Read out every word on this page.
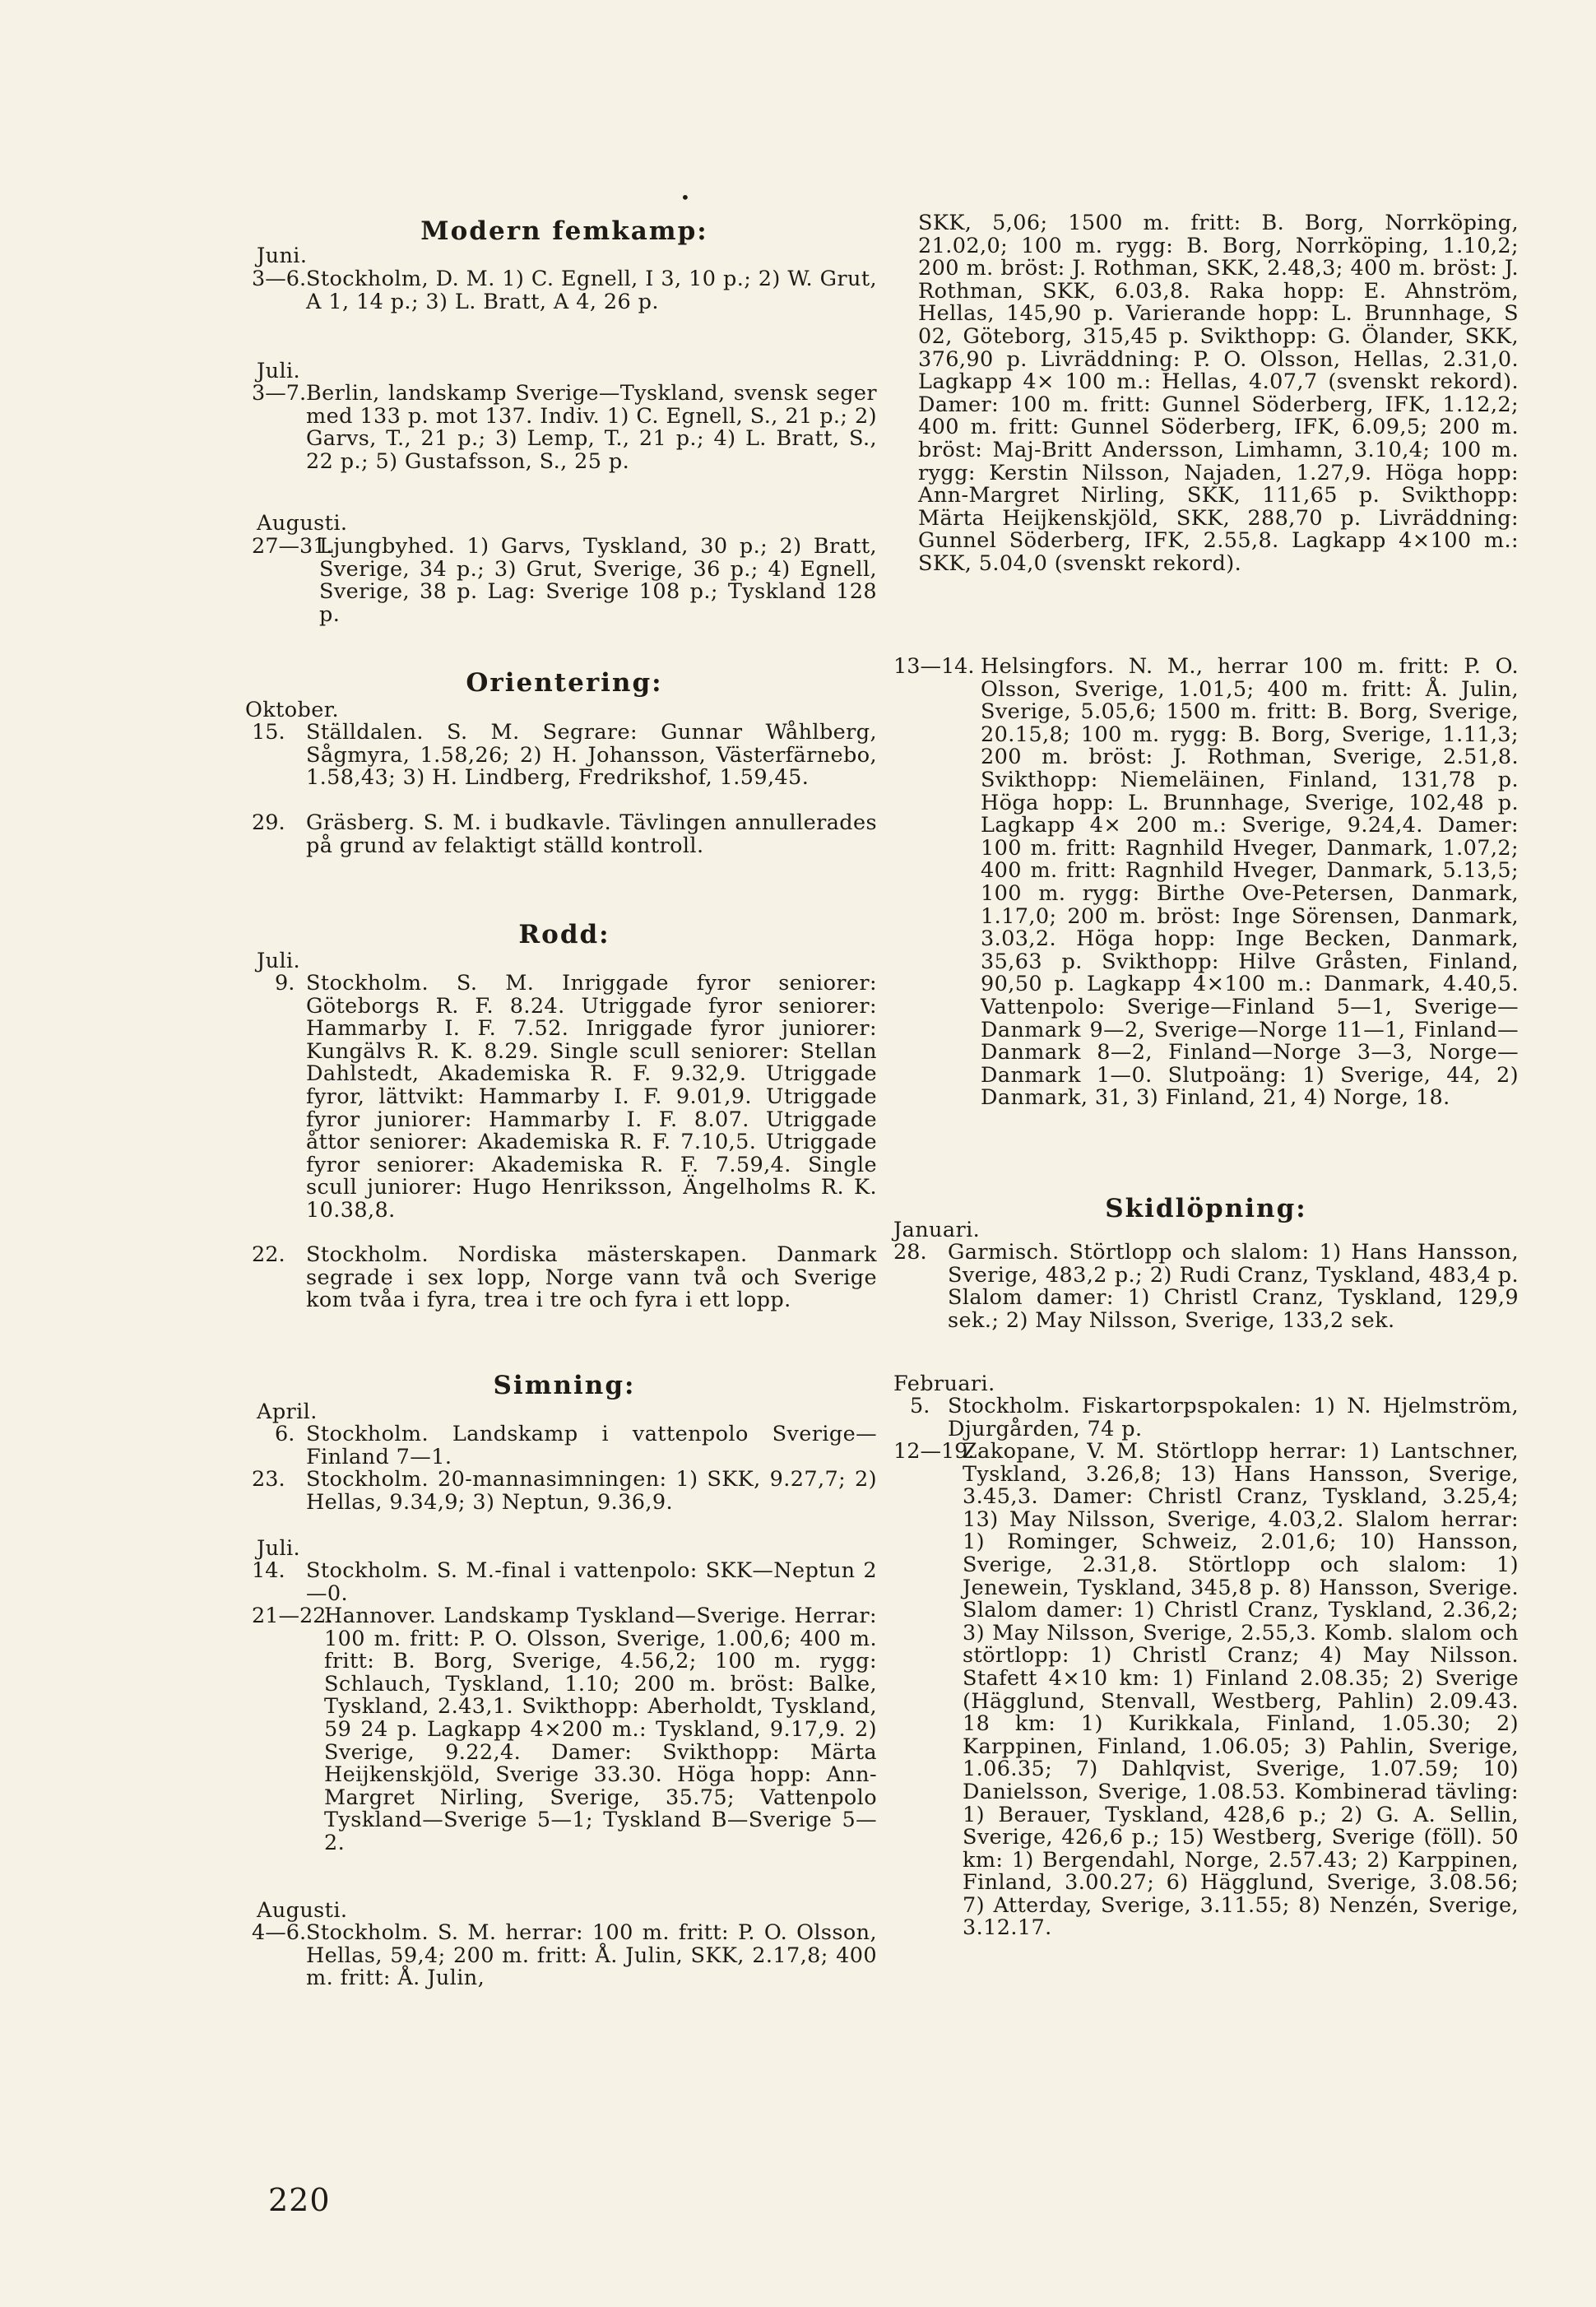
•
Modern femkamp:
Juni.
3—6. Stockholm, D. M. 1) C. Egnell, I 3, 10 p.; 2) W. Grut, A 1, 14 p.; 3) L. Bratt, A 4, 26 p.

Juli.
3—7. Berlin, landskamp Sverige—Tyskland, svensk seger med 133 p. mot 137. Indiv. 1) C. Egnell, S., 21 p.; 2) Garvs, T., 21 p.; 3) Lemp, T., 21 p.; 4) L. Bratt, S., 22 p.; 5) Gustafsson, S., 25 p.

Augusti.
27—31.

Ljungbyhed. 1) Garvs, Tyskland, 30 p.; 2) Bratt, Sverige, 34 p.; 3) Grut, Sverige, 36 p.; 4) Egnell, Sverige, 38 p. Lag: Sverige 108 p.; Tyskland 128 p.

Orientering:
Oktober.
15. Ställdalen. S. M. Segrare: Gunnar Wåhlberg, Sågmyra, 1.58,26; 2) H. Johansson, Västerfärnebo, 1.58,43; 3) H. Lindberg, Fredrikshof, 1.59,45.

29. Gräsberg. S. M. i budkavle. Tävlingen annullerades på grund av felaktigt ställd kontroll.

Rodd:
Juli.
9. Stockholm. S. M. Inriggade fyror seniorer: Göteborgs R. F. 8.24. Utriggade fyror seniorer: Hammarby I. F. 7.52. Inriggade fyror juniorer: Kungälvs R. K. 8.29. Single scull seniorer: Stellan Dahlstedt, Akademiska R. F. 9.32,9. Utriggade fyror, lättvikt: Hammarby I. F. 9.01,9. Utriggade fyror juniorer: Hammarby I. F. 8.07. Utriggade åttor seniorer: Akademiska R. F. 7.10,5. Utriggade fyror seniorer: Akademiska R. F. 7.59,4. Single scull juniorer: Hugo Henriksson, Ängelholms R. K. 10.38,8.

22. Stockholm. Nordiska mästerskapen. Danmark segrade i sex lopp, Norge vann två och Sverige kom tvåa i fyra, trea i tre och fyra i ett lopp.

Simning:
April.
6. Stockholm. Landskamp i vattenpolo Sverige—Finland 7—1.

23. Stockholm. 20-mannasimningen: 1) SKK, 9.27,7; 2) Hellas, 9.34,9; 3) Neptun, 9.36,9.

Juli.
14. Stockholm. S. M.-final i vattenpolo: SKK—Neptun 2—0.

21—22.

Hannover. Landskamp Tyskland—Sverige. Herrar: 100 m. fritt: P. O. Olsson, Sverige, 1.00,6; 400 m. fritt: B. Borg, Sverige, 4.56,2; 100 m. rygg: Schlauch, Tyskland, 1.10; 200 m. bröst: Balke, Tyskland, 2.43,1. Svikthopp: Aberholdt, Tyskland, 59 24 p. Lagkapp 4×200 m.: Tyskland, 9.17,9. 2) Sverige, 9.22,4. Damer: Svikthopp: Märta Heijkenskjöld, Sverige 33.30. Höga hopp: Ann-Margret Nirling, Sverige, 35.75; Vattenpolo Tyskland—Sverige 5—1; Tyskland B—Sverige 5—2.

Augusti.
4—6. Stockholm. S. M. herrar: 100 m. fritt: P. O. Olsson, Hellas, 59,4; 200 m. fritt: Å. Julin, SKK, 2.17,8; 400 m. fritt: Å. Julin,

SKK, 5,06; 1500 m. fritt: B. Borg, Norrköping, 21.02,0; 100 m. rygg: B. Borg, Norrköping, 1.10,2; 200 m. bröst: J. Rothman, SKK, 2.48,3; 400 m. bröst: J. Rothman, SKK, 6.03,8. Raka hopp: E. Ahnström, Hellas, 145,90 p. Varierande hopp: L. Brunnhage, S 02, Göteborg, 315,45 p. Svikthopp: G. Ölander, SKK, 376,90 p. Livräddning: P. O. Olsson, Hellas, 2.31,0. Lagkapp 4× 100 m.: Hellas, 4.07,7 (svenskt rekord). Damer: 100 m. fritt: Gunnel Söderberg, IFK, 1.12,2; 400 m. fritt: Gunnel Söderberg, IFK, 6.09,5; 200 m. bröst: Maj-Britt Andersson, Limhamn, 3.10,4; 100 m. rygg: Kerstin Nilsson, Najaden, 1.27,9. Höga hopp: Ann-Margret Nirling, SKK, 111,65 p. Svikthopp: Märta Heijkenskjöld, SKK, 288,70 p. Livräddning: Gunnel Söderberg, IFK, 2.55,8. Lagkapp 4×100 m.: SKK, 5.04,0 (svenskt rekord).

13—14. Helsingfors. N. M., herrar 100 m. fritt: P. O. Olsson, Sverige, 1.01,5; 400 m. fritt: Å. Julin, Sverige, 5.05,6; 1500 m. fritt: B. Borg, Sverige, 20.15,8; 100 m. rygg: B. Borg, Sverige, 1.11,3; 200 m. bröst: J. Rothman, Sverige, 2.51,8. Svikthopp: Niemeläinen, Finland, 131,78 p. Höga hopp: L. Brunnhage, Sverige, 102,48 p. Lagkapp 4× 200 m.: Sverige, 9.24,4. Damer: 100 m. fritt: Ragnhild Hveger, Danmark, 1.07,2; 400 m. fritt: Ragnhild Hveger, Danmark, 5.13,5; 100 m. rygg: Birthe Ove-Petersen, Danmark, 1.17,0; 200 m. bröst: Inge Sörensen, Danmark, 3.03,2. Höga hopp: Inge Becken, Danmark, 35,63 p. Svikthopp: Hilve Gråsten, Finland, 90,50 p. Lagkapp 4×100 m.: Danmark, 4.40,5. Vattenpolo: Sverige—Finland 5—1, Sverige—Danmark 9—2, Sverige—Norge 11—1, Finland—Danmark 8—2, Finland—Norge 3—3, Norge—Danmark 1—0. Slutpoäng: 1) Sverige, 44, 2) Danmark, 31, 3) Finland, 21, 4) Norge, 18.

Skidlöpning:
Januari.
28. Garmisch. Störtlopp och slalom: 1) Hans Hansson, Sverige, 483,2 p.; 2) Rudi Cranz, Tyskland, 483,4 p. Slalom damer: 1) Christl Cranz, Tyskland, 129,9 sek.; 2) May Nilsson, Sverige, 133,2 sek.

Februari.
5. Stockholm. Fiskartorpspokalen: 1) N. Hjelmström, Djurgården, 74 p.

12—19.

Zakopane, V. M. Störtlopp herrar: 1) Lantschner, Tyskland, 3.26,8; 13) Hans Hansson, Sverige, 3.45,3. Damer: Christl Cranz, Tyskland, 3.25,4; 13) May Nilsson, Sverige, 4.03,2. Slalom herrar: 1) Rominger, Schweiz, 2.01,6; 10) Hansson, Sverige, 2.31,8. Störtlopp och slalom: 1) Jenewein, Tyskland, 345,8 p. 8) Hansson, Sverige. Slalom damer: 1) Christl Cranz, Tyskland, 2.36,2; 3) May Nilsson, Sverige, 2.55,3. Komb. slalom och störtlopp: 1) Christl Cranz; 4) May Nilsson. Stafett 4×10 km: 1) Finland 2.08.35; 2) Sverige (Hägglund, Stenvall, Westberg, Pahlin) 2.09.43. 18 km: 1) Kurikkala, Finland, 1.05.30; 2) Karppinen, Finland, 1.06.05; 3) Pahlin, Sverige, 1.06.35; 7) Dahlqvist, Sverige, 1.07.59; 10) Danielsson, Sverige, 1.08.53. Kombinerad tävling: 1) Berauer, Tyskland, 428,6 p.; 2) G. A. Sellin, Sverige, 426,6 p.; 15) Westberg, Sverige (föll). 50 km: 1) Bergendahl, Norge, 2.57.43; 2) Karppinen, Finland, 3.00.27; 6) Hägglund, Sverige, 3.08.56; 7) Atterday, Sverige, 3.11.55; 8) Nenzén, Sverige, 3.12.17.

220
